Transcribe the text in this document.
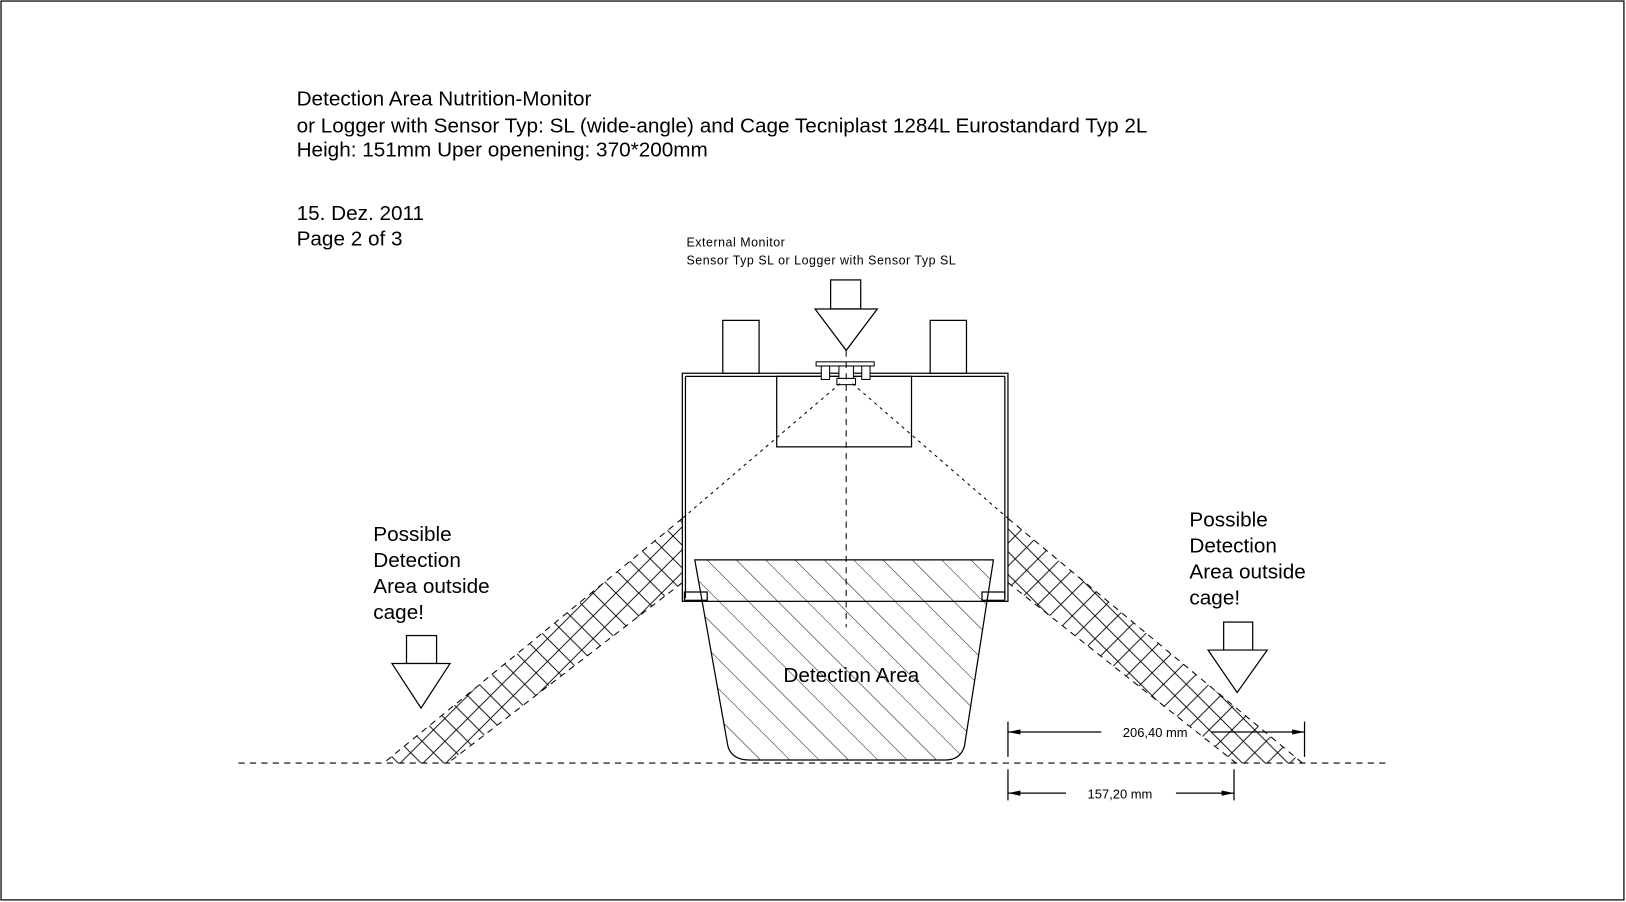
Detection Area Nutrition-Monitor
or Logger with Sensor Typ: SL (wide-angle) and Cage Tecniplast 1284L Eurostandard Typ 2L
Heigh: 151mm Uper openening: 370*200mm
15. Dez. 2011
Page 2 of 3	External Monitor
Sensor Typ SL or Logger with Sensor Typ SL
Detection Area
Possible
Detection
Area outside
cage!
Possible
Detection
Area outside
cage!
206,40 mm
157,20 mm
